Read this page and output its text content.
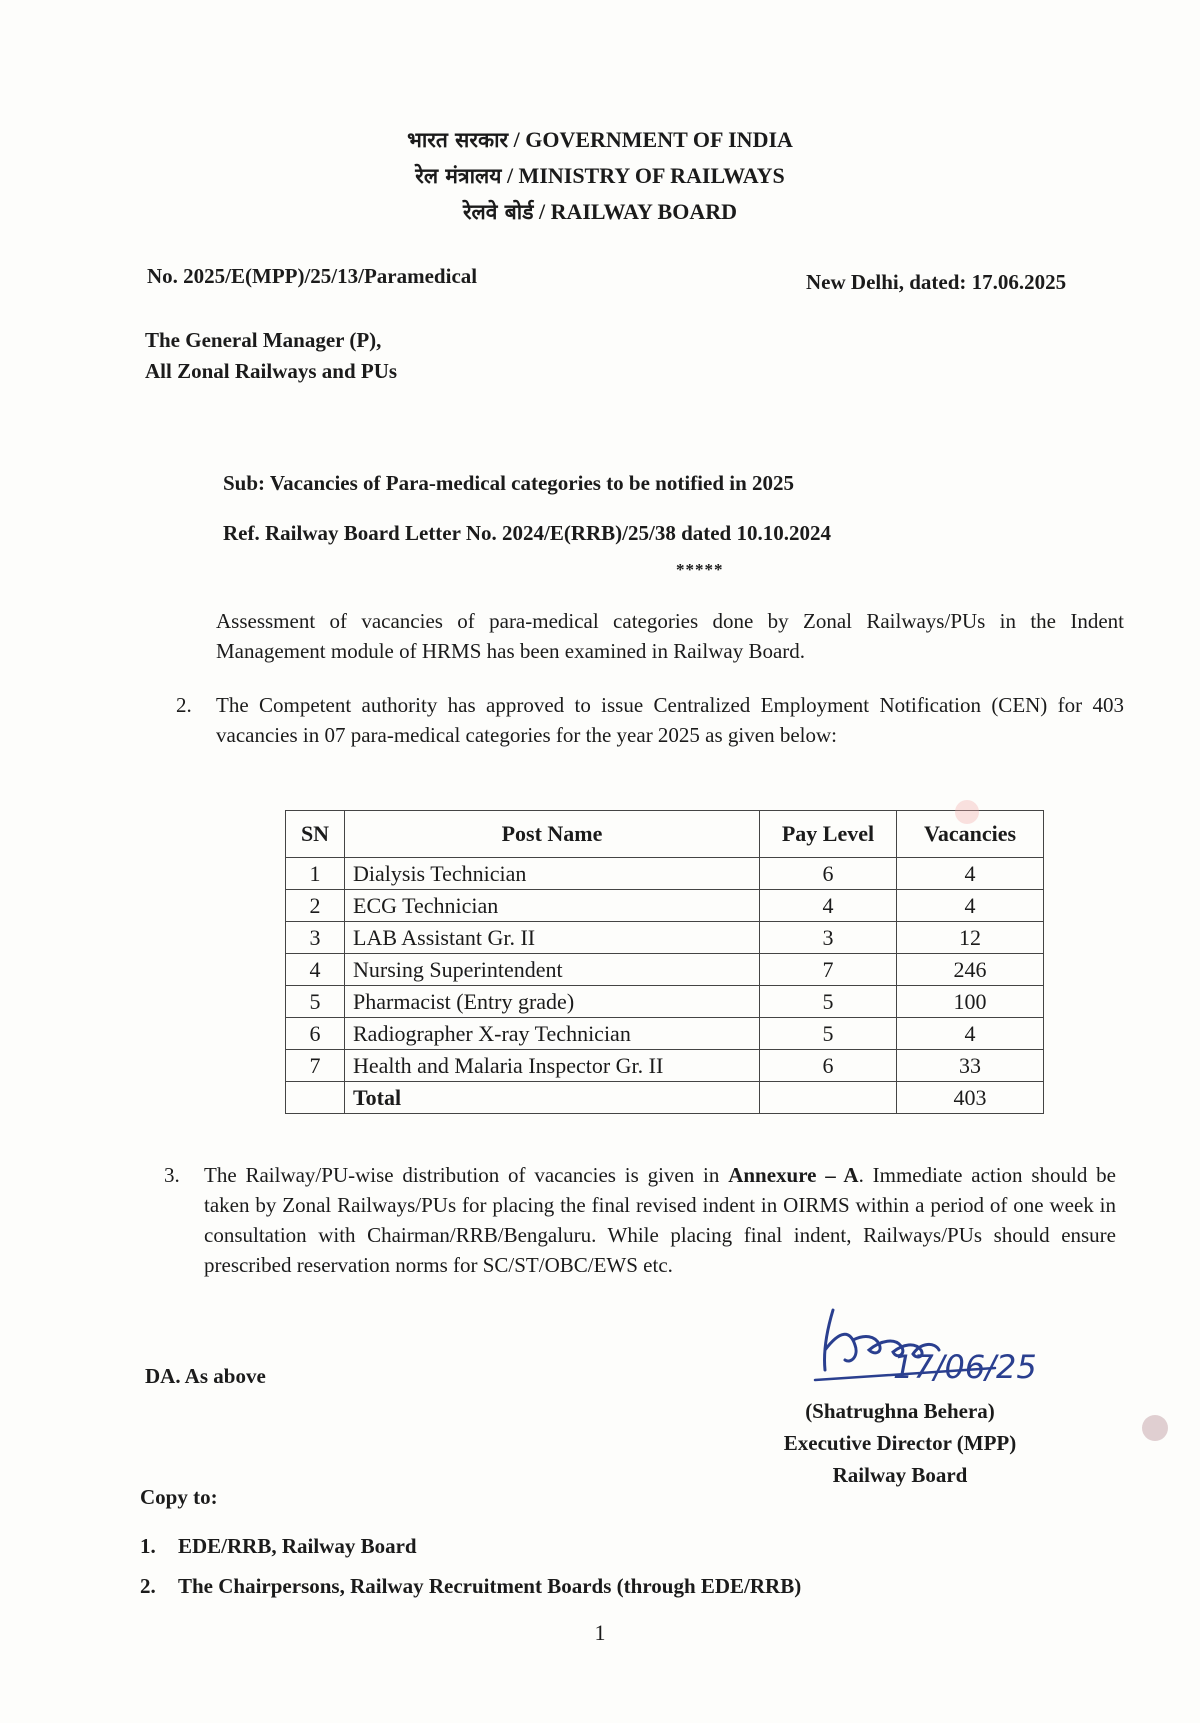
भारत सरकार / GOVERNMENT OF INDIA
रेल मंत्रालय / MINISTRY OF RAILWAYS
रेलवे बोर्ड / RAILWAY BOARD
No. 2025/E(MPP)/25/13/Paramedical	New Delhi, dated: 17.06.2025
The General Manager (P),
All Zonal Railways and PUs
Sub: Vacancies of Para-medical categories to be notified in 2025
Ref. Railway Board Letter No. 2024/E(RRB)/25/38 dated 10.10.2024
*****
Assessment of vacancies of para-medical categories done by Zonal Railways/PUs in the Indent Management module of HRMS has been examined in Railway Board.
2. The Competent authority has approved to issue Centralized Employment Notification (CEN) for 403 vacancies in 07 para-medical categories for the year 2025 as given below:
SN	Post Name	Pay Level	Vacancies
1	Dialysis Technician	6	4
2	ECG Technician	4	4
3	LAB Assistant Gr. II	3	12
4	Nursing Superintendent	7	246
5	Pharmacist (Entry grade)	5	100
6	Radiographer X-ray Technician	5	4
7	Health and Malaria Inspector Gr. II	6	33
	Total		403
3. The Railway/PU-wise distribution of vacancies is given in Annexure – A. Immediate action should be taken by Zonal Railways/PUs for placing the final revised indent in OIRMS within a period of one week in consultation with Chairman/RRB/Bengaluru. While placing final indent, Railways/PUs should ensure prescribed reservation norms for SC/ST/OBC/EWS etc.
DA. As above	17/06/25
(Shatrughna Behera)
Executive Director (MPP)
Railway Board
Copy to:
1. EDE/RRB, Railway Board
2. The Chairpersons, Railway Recruitment Boards (through EDE/RRB)
1
